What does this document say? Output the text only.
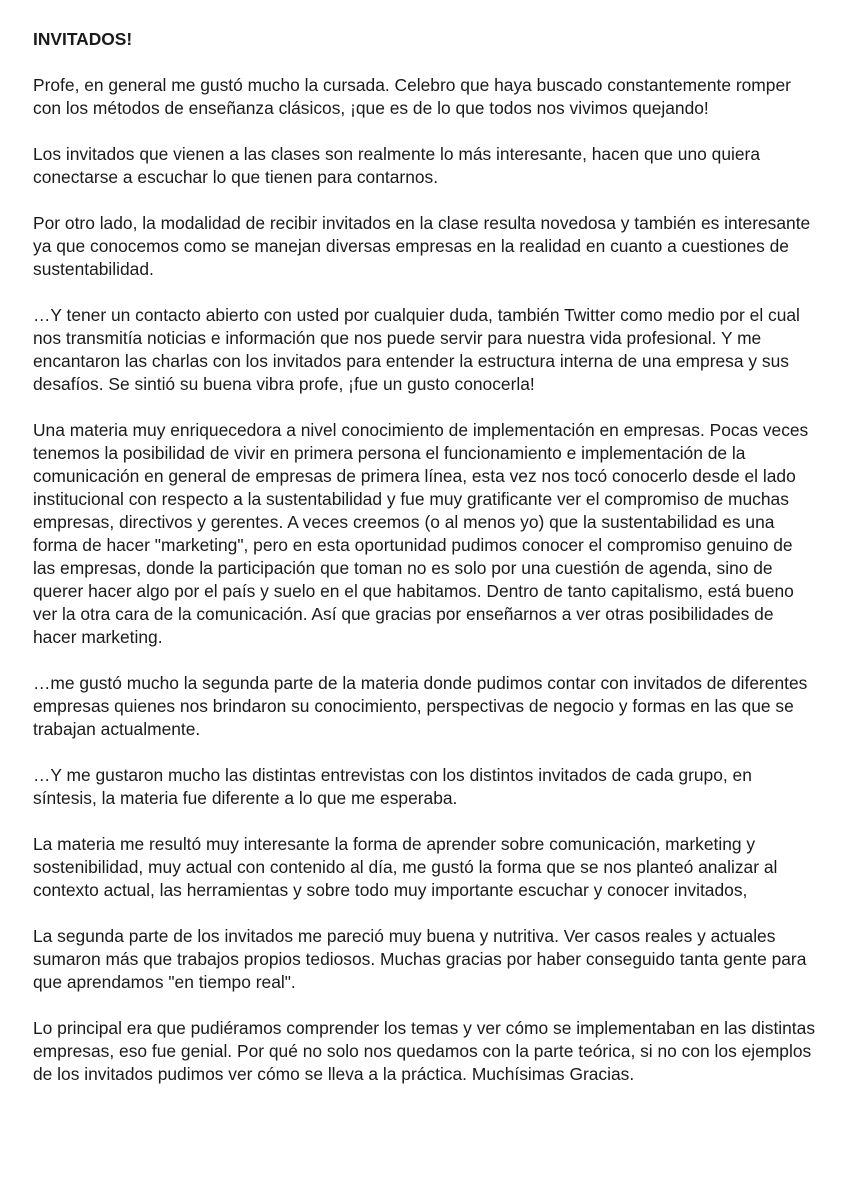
INVITADOS!

Profe, en general me gustó mucho la cursada. Celebro que haya buscado constantemente romper con los métodos de enseñanza clásicos, ¡que es de lo que todos nos vivimos quejando!

Los invitados que vienen a las clases son realmente lo más interesante, hacen que uno quiera conectarse a escuchar lo que tienen para contarnos.

Por otro lado, la modalidad de recibir invitados en la clase resulta novedosa y también es interesante ya que conocemos como se manejan diversas empresas en la realidad en cuanto a cuestiones de sustentabilidad.

…Y tener un contacto abierto con usted por cualquier duda, también Twitter como medio por el cual nos transmitía noticias e información que nos puede servir para nuestra vida profesional. Y me encantaron las charlas con los invitados para entender la estructura interna de una empresa y sus desafíos. Se sintió su buena vibra profe, ¡fue un gusto conocerla!

Una materia muy enriquecedora a nivel conocimiento de implementación en empresas. Pocas veces tenemos la posibilidad de vivir en primera persona el funcionamiento e implementación de la comunicación en general de empresas de primera línea, esta vez nos tocó conocerlo desde el lado institucional con respecto a la sustentabilidad y fue muy gratificante ver el compromiso de muchas empresas, directivos y gerentes. A veces creemos (o al menos yo) que la sustentabilidad es una forma de hacer "marketing", pero en esta oportunidad pudimos conocer el compromiso genuino de las empresas, donde la participación que toman no es solo por una cuestión de agenda, sino de querer hacer algo por el país y suelo en el que habitamos. Dentro de tanto capitalismo, está bueno ver la otra cara de la comunicación. Así que gracias por enseñarnos a ver otras posibilidades de hacer marketing.

…me gustó mucho la segunda parte de la materia donde pudimos contar con invitados de diferentes empresas quienes nos brindaron su conocimiento, perspectivas de negocio y formas en las que se trabajan actualmente.

…Y me gustaron mucho las distintas entrevistas con los distintos invitados de cada grupo, en síntesis, la materia fue diferente a lo que me esperaba.

La materia me resultó muy interesante la forma de aprender sobre comunicación, marketing y sostenibilidad, muy actual con contenido al día, me gustó la forma que se nos planteó analizar al contexto actual, las herramientas y sobre todo muy importante escuchar y conocer invitados,

La segunda parte de los invitados me pareció muy buena y nutritiva. Ver casos reales y actuales sumaron más que trabajos propios tediosos. Muchas gracias por haber conseguido tanta gente para que aprendamos "en tiempo real".

Lo principal era que pudiéramos comprender los temas y ver cómo se implementaban en las distintas empresas, eso fue genial. Por qué no solo nos quedamos con la parte teórica, si no con los ejemplos de los invitados pudimos ver cómo se lleva a la práctica. Muchísimas Gracias.
